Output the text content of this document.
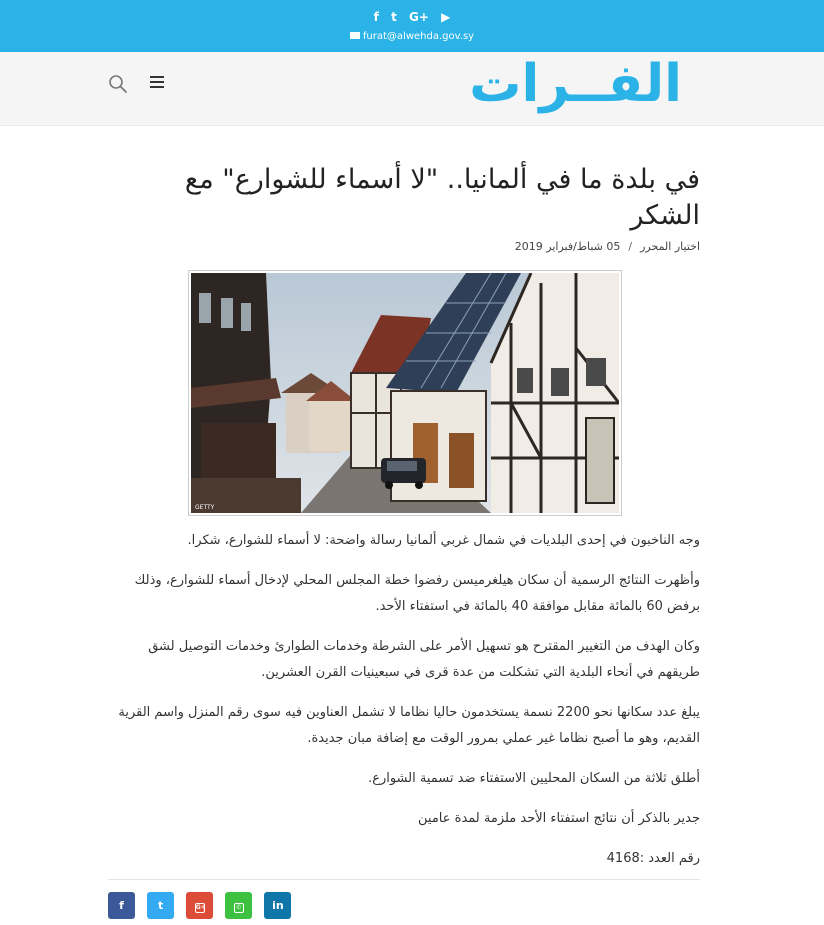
f t G+ ▶
furat@alwehda.gov.sy
الفــرات
في بلدة ما في ألمانيا.. "لا أسماء للشوارع" مع الشكر
اختيار المحرر/05 شباط/فبراير 2019
GETTY

وجه الناخبون في إحدى البلديات في شمال غربي ألمانيا رسالة واضحة: لا أسماء للشوارع، شكرا.

وأظهرت النتائج الرسمية أن سكان هيلغرميسن رفضوا خطة المجلس المحلي لإدخال أسماء للشوارع، وذلك برفض 60 بالمائة مقابل موافقة 40 بالمائة في استفتاء الأحد.

وكان الهدف من التغيير المقترح هو تسهيل الأمر على الشرطة وخدمات الطوارئ وخدمات التوصيل لشق طريقهم في أنحاء البلدية التي تشكلت من عدة قرى في سبعينيات القرن العشرين.

يبلغ عدد سكانها نحو 2200 نسمة يستخدمون حاليا نظاما لا تشمل العناوين فيه سوى رقم المنزل واسم القرية القديم، وهو ما أصبح نظاما غير عملي بمرور الوقت مع إضافة مبان جديدة.

أطلق ثلاثة من السكان المحليين الاستفتاء ضد تسمية الشوارع.

جدير بالذكر أن نتائج استفتاء الأحد ملزمة لمدة عامين

رقم العدد :4168

f	t	G+	✆	in
